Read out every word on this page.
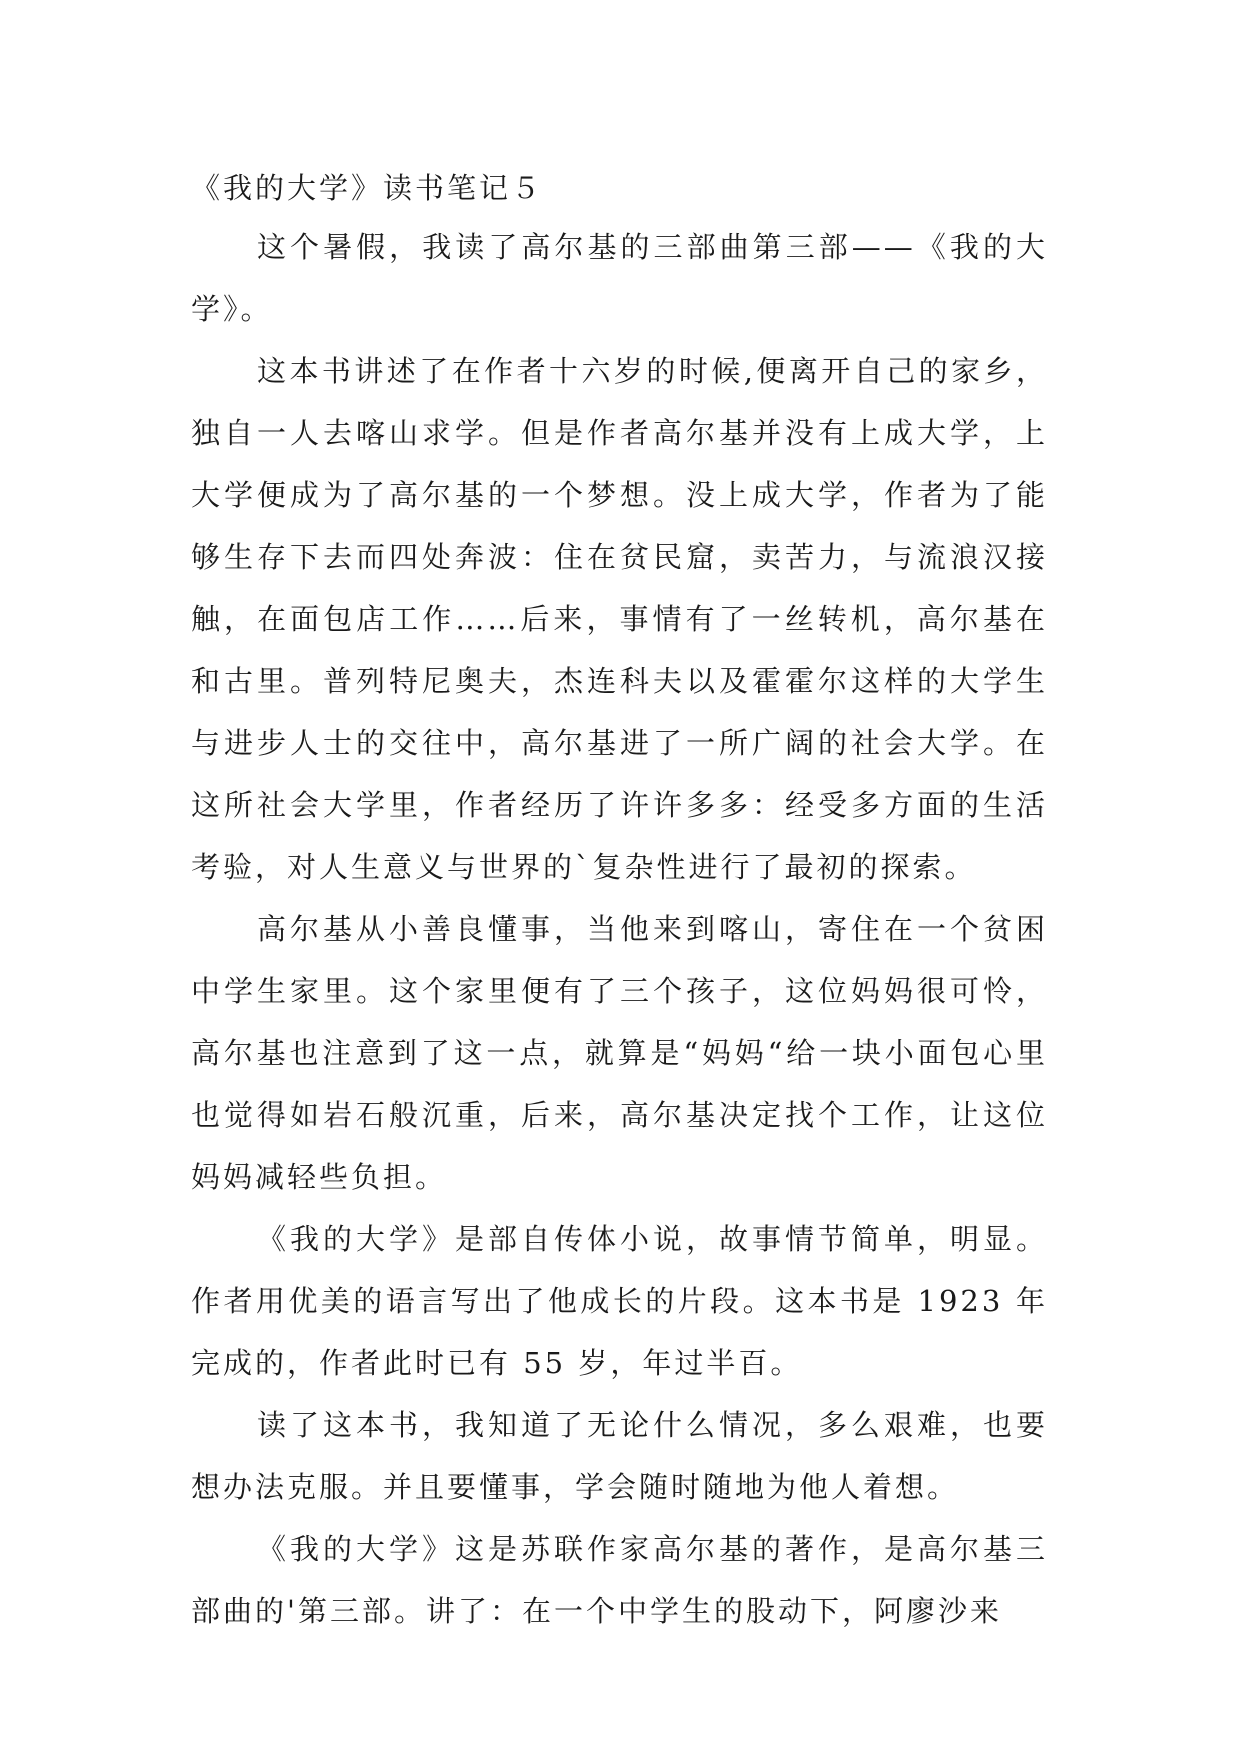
《我的大学》读书笔记５

这个暑假，我读了高尔基的三部曲第三部——《我的大学》。

这本书讲述了在作者十六岁的时候,便离开自己的家乡，独自一人去喀山求学。但是作者高尔基并没有上成大学，上大学便成为了高尔基的一个梦想。没上成大学，作者为了能够生存下去而四处奔波：住在贫民窟，卖苦力，与流浪汉接触，在面包店工作……后来，事情有了一丝转机，高尔基在和古里。普列特尼奥夫，杰连科夫以及霍霍尔这样的大学生与进步人士的交往中，高尔基进了一所广阔的社会大学。在这所社会大学里，作者经历了许许多多：经受多方面的生活考验，对人生意义与世界的`复杂性进行了最初的探索。

高尔基从小善良懂事，当他来到喀山，寄住在一个贫困中学生家里。这个家里便有了三个孩子，这位妈妈很可怜，高尔基也注意到了这一点，就算是“妈妈“给一块小面包心里也觉得如岩石般沉重，后来，高尔基决定找个工作，让这位妈妈减轻些负担。

《我的大学》是部自传体小说，故事情节简单，明显。作者用优美的语言写出了他成长的片段。这本书是 1923 年完成的，作者此时已有 55 岁，年过半百。

读了这本书，我知道了无论什么情况，多么艰难，也要想办法克服。并且要懂事，学会随时随地为他人着想。

《我的大学》这是苏联作家高尔基的著作，是高尔基三部曲的'第三部。讲了：在一个中学生的股动下，阿廖沙来
